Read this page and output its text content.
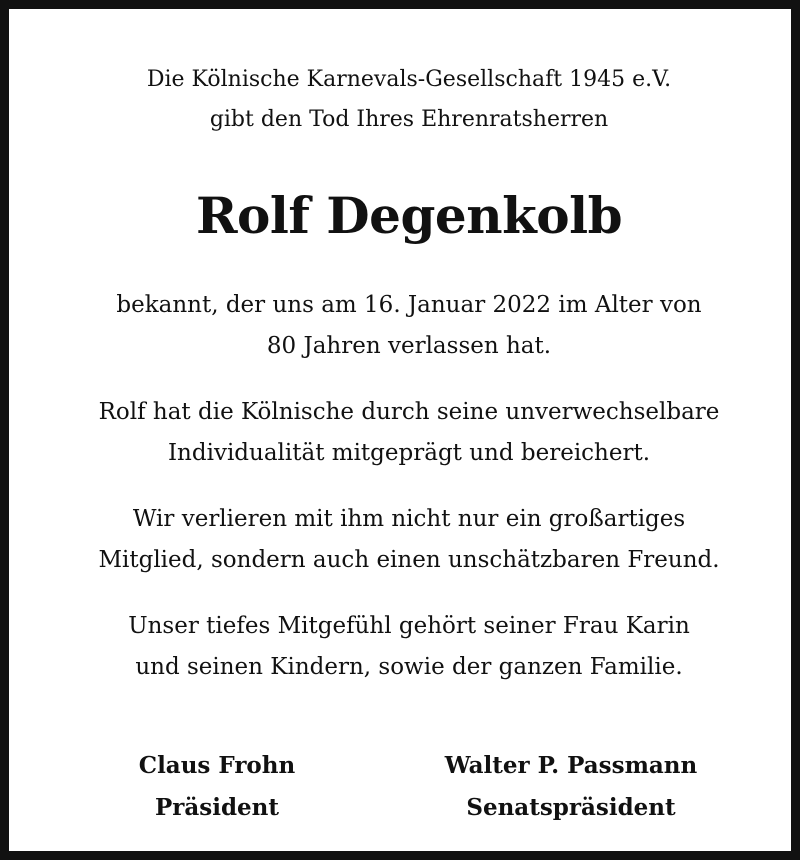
Die Kölnische Karnevals-Gesellschaft 1945 e.V.
gibt den Tod Ihres Ehrenratsherren
Rolf Degenkolb
bekannt, der uns am 16. Januar 2022 im Alter von
80 Jahren verlassen hat.
Rolf hat die Kölnische durch seine unverwechselbare
Individualität mitgeprägt und bereichert.
Wir verlieren mit ihm nicht nur ein großartiges
Mitglied, sondern auch einen unschätzbaren Freund.
Unser tiefes Mitgefühl gehört seiner Frau Karin
und seinen Kindern, sowie der ganzen Familie.
Claus Frohn
Präsident
Walter P. Passmann
Senatspräsident
